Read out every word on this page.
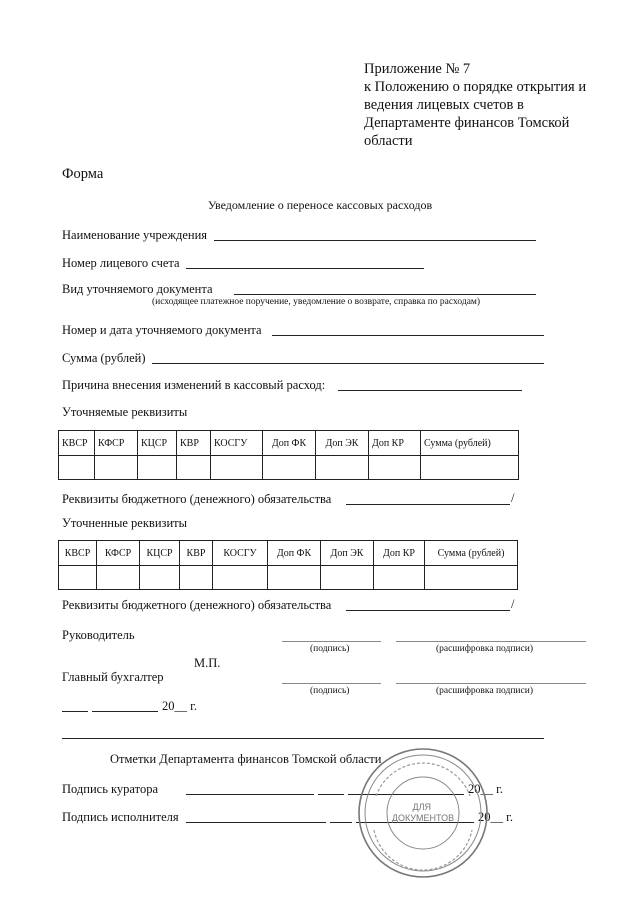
Приложение № 7
к Положению о порядке открытия и
ведения лицевых счетов в
Департаменте финансов Томской
области
Форма
Уведомление о переносе кассовых расходов
Наименование учреждения
Номер лицевого счета
Вид уточняемого документа
(исходящее платежное поручение, уведомление о возврате, справка по расходам)
Номер и дата уточняемого документа
Сумма (рублей)
Причина внесения изменений в кассовый расход:
Уточняемые реквизиты
КВСР	КФСР	КЦСР	КВР	КОСГУ	Доп ФК	Доп ЭК	Доп КР	Сумма (рублей)

Реквизиты бюджетного (денежного) обязательства	/
Уточненные реквизиты
КВСР	КФСР	КЦСР	КВР	КОСГУ	Доп ФК	Доп ЭК	Доп КР	Сумма (рублей)

Реквизиты бюджетного (денежного) обязательства	/
Руководитель
(подпись)	(расшифровка подписи)
М.П.
Главный бухгалтер
(подпись)	(расшифровка подписи)
20__ г.
Отметки Департамента финансов Томской области
Подпись куратора	20__ г.
Подпись исполнителя	20__ г.
ДЛЯ ДОКУМЕНТОВ
